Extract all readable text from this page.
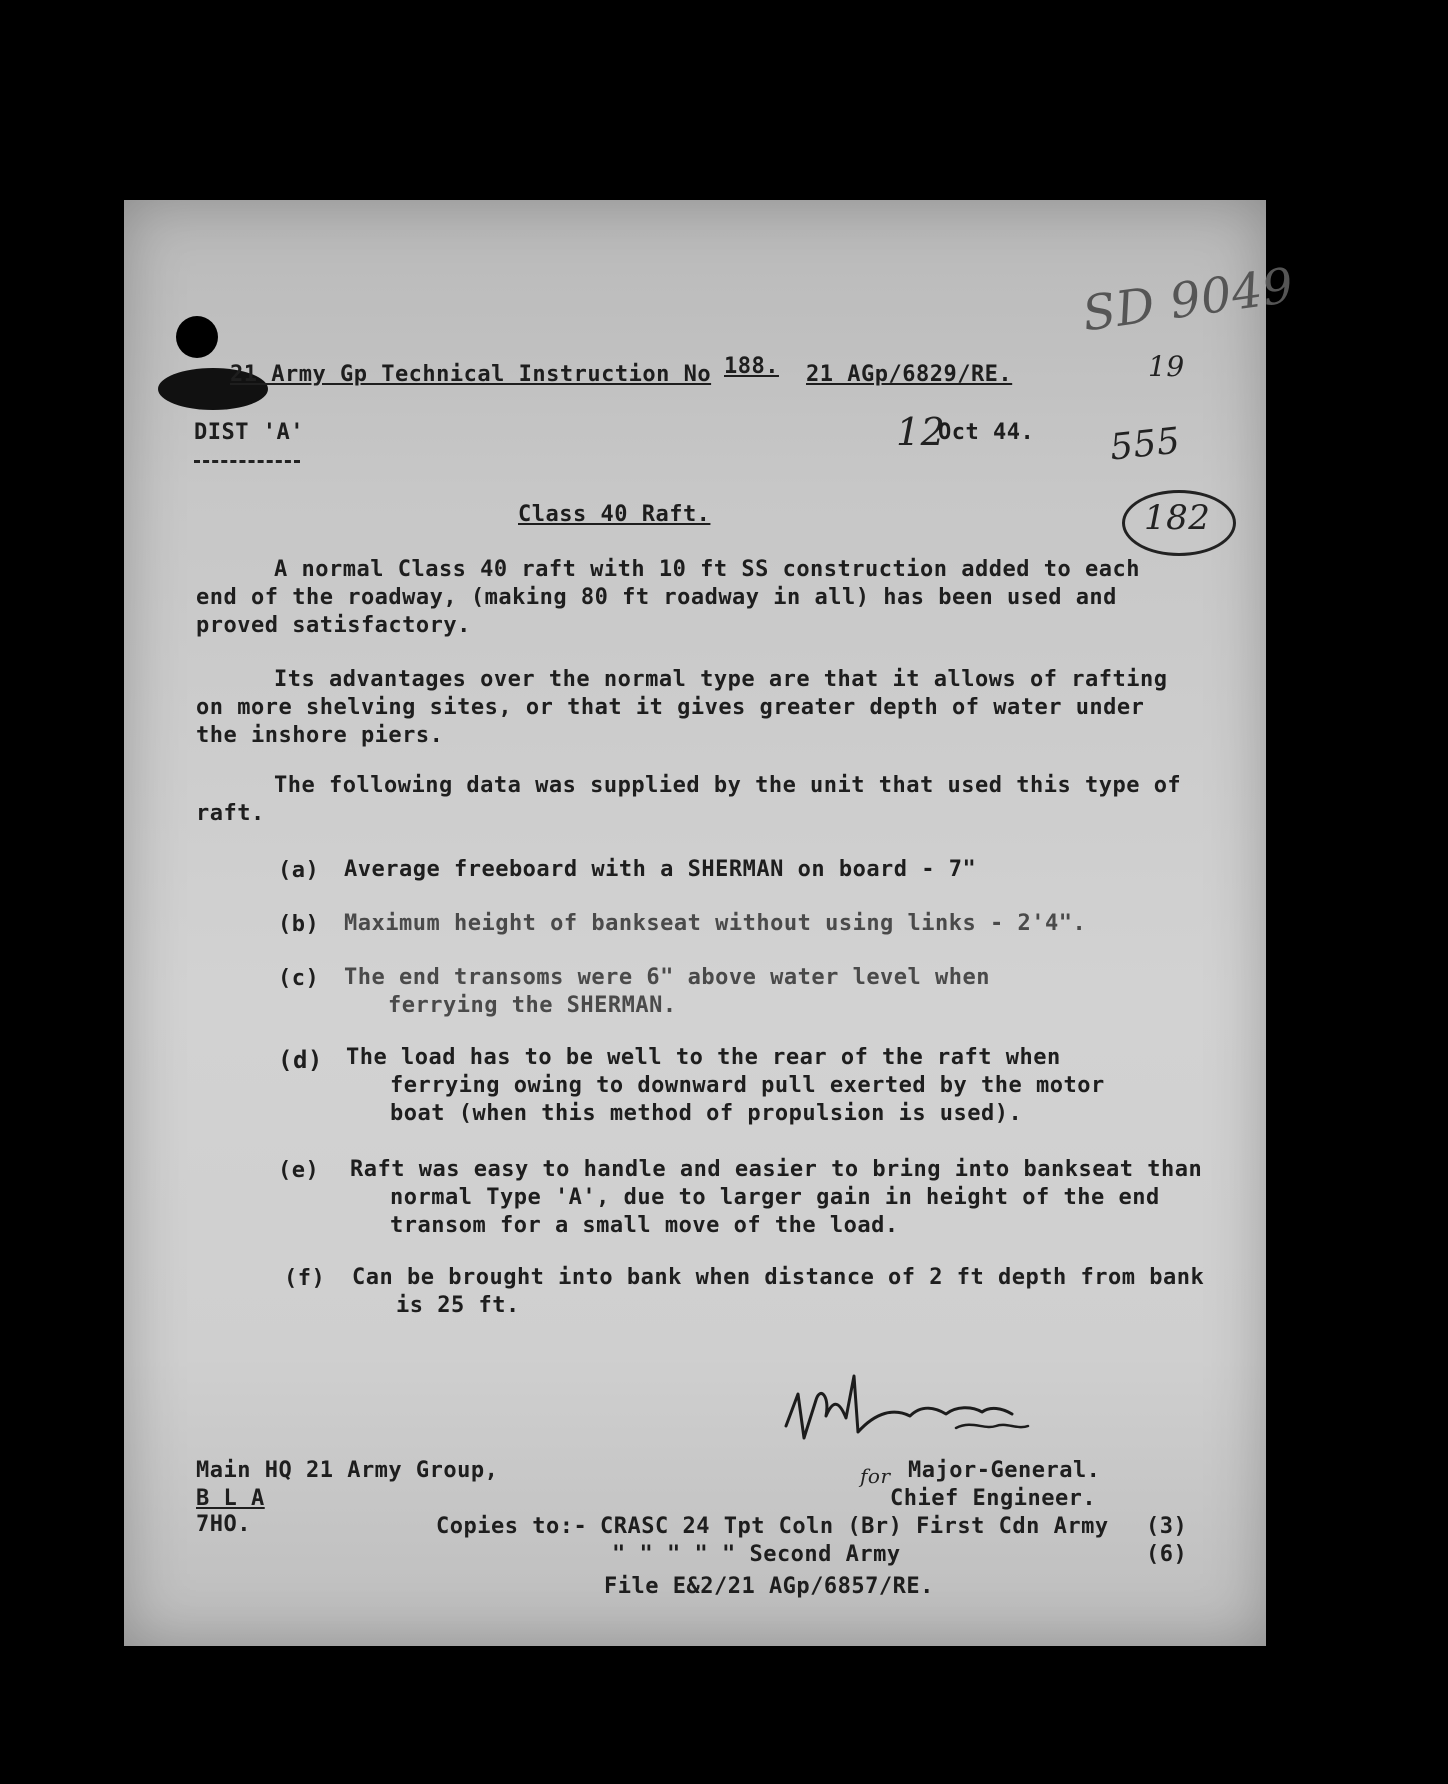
SD 9049
19
555
182
21 Army Gp Technical Instruction No 188. 21 AGp/6829/RE.
DIST 'A'	12
Oct 44.
Class 40 Raft.
A normal Class 40 raft with 10 ft SS construction added to each
end of the roadway, (making 80 ft roadway in all) has been used and
proved satisfactory.
Its advantages over the normal type are that it allows of rafting
on more shelving sites, or that it gives greater depth of water under
the inshore piers.
The following data was supplied by the unit that used this type of
raft.
(a) Average freeboard with a SHERMAN on board - 7"
(b) Maximum height of bankseat without using links - 2'4".
(c) The end transoms were 6" above water level when
ferrying the SHERMAN.
(d) The load has to be well to the rear of the raft when
ferrying owing to downward pull exerted by the motor
boat (when this method of propulsion is used).
(e) Raft was easy to handle and easier to bring into bankseat than
normal Type 'A', due to larger gain in height of the end
transom for a small move of the load.
(f) Can be brought into bank when distance of 2 ft depth from bank
is 25 ft.
for Major-General.
Chief Engineer.
Main HQ 21 Army Group,
B L A
7HO.	Copies to:- CRASC 24 Tpt Coln (Br) First Cdn Army (3)
" " " " " Second Army	(6)
File E&2/21 AGp/6857/RE.
